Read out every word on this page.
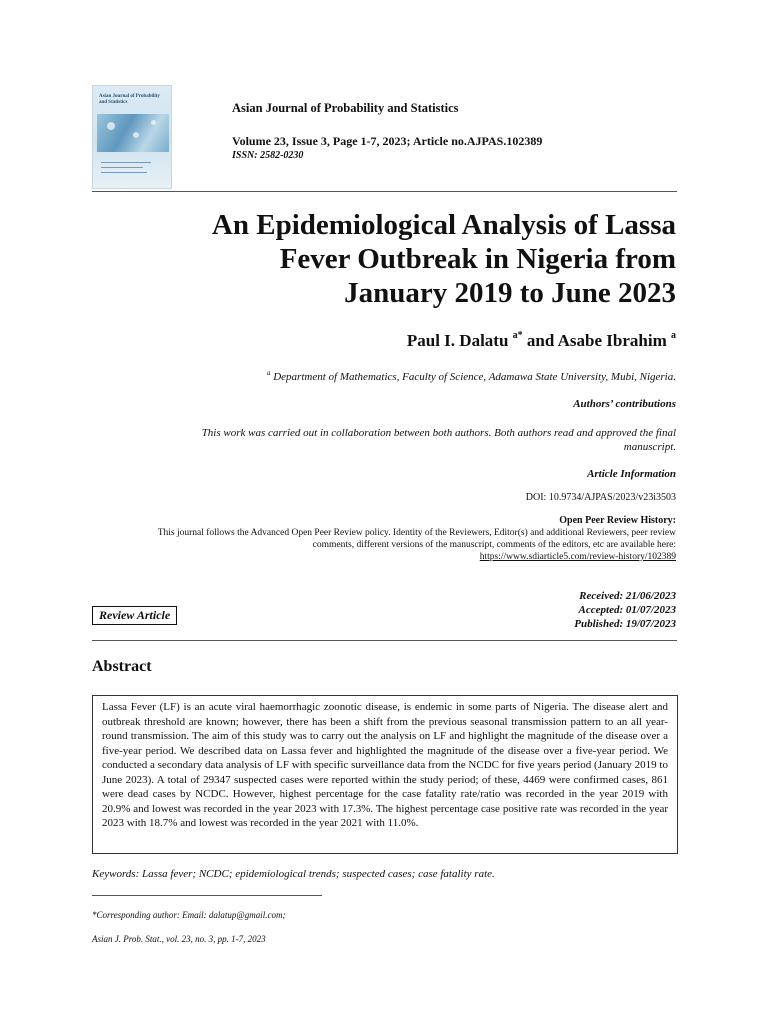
Asian Journal of Probability and Statistics	Asian Journal of Probability and Statistics
Volume 23, Issue 3, Page 1-7, 2023; Article no.AJPAS.102389
ISSN: 2582-0230
An Epidemiological Analysis of Lassa
Fever Outbreak in Nigeria from
January 2019 to June 2023
Paul I. Dalatu $^{a*}$ and Asabe Ibrahim $^a$
$^a$ Department of Mathematics, Faculty of Science, Adamawa State University, Mubi, Nigeria.
Authors’ contributions
This work was carried out in collaboration between both authors. Both authors read and approved the final
manuscript.
Article Information
DOI: 10.9734/AJPAS/2023/v23i3503
Open Peer Review History:
This journal follows the Advanced Open Peer Review policy. Identity of the Reviewers, Editor(s) and additional Reviewers, peer review
comments, different versions of the manuscript, comments of the editors, etc are available here:
https://www.sdiarticle5.com/review-history/102389
Received: 21/06/2023
Accepted: 01/07/2023
Published: 19/07/2023
Review Article
Abstract
Lassa Fever (LF) is an acute viral haemorrhagic zoonotic disease, is endemic in some parts of Nigeria. The disease alert and outbreak threshold are known; however, there has been a shift from the previous seasonal transmission pattern to an all year-round transmission. The aim of this study was to carry out the analysis on LF and highlight the magnitude of the disease over a five-year period. We described data on Lassa fever and highlighted the magnitude of the disease over a five-year period. We conducted a secondary data analysis of LF with specific surveillance data from the NCDC for five years period (January 2019 to June 2023). A total of 29347 suspected cases were reported within the study period; of these, 4469 were confirmed cases, 861 were dead cases by NCDC. However, highest percentage for the case fatality rate/ratio was recorded in the year 2019 with 20.9% and lowest was recorded in the year 2023 with 17.3%. The highest percentage case positive rate was recorded in the year 2023 with 18.7% and lowest was recorded in the year 2021 with 11.0%.
Keywords: Lassa fever; NCDC; epidemiological trends; suspected cases; case fatality rate.
*Corresponding author: Email: dalatup@gmail.com;
Asian J. Prob. Stat., vol. 23, no. 3, pp. 1-7, 2023
